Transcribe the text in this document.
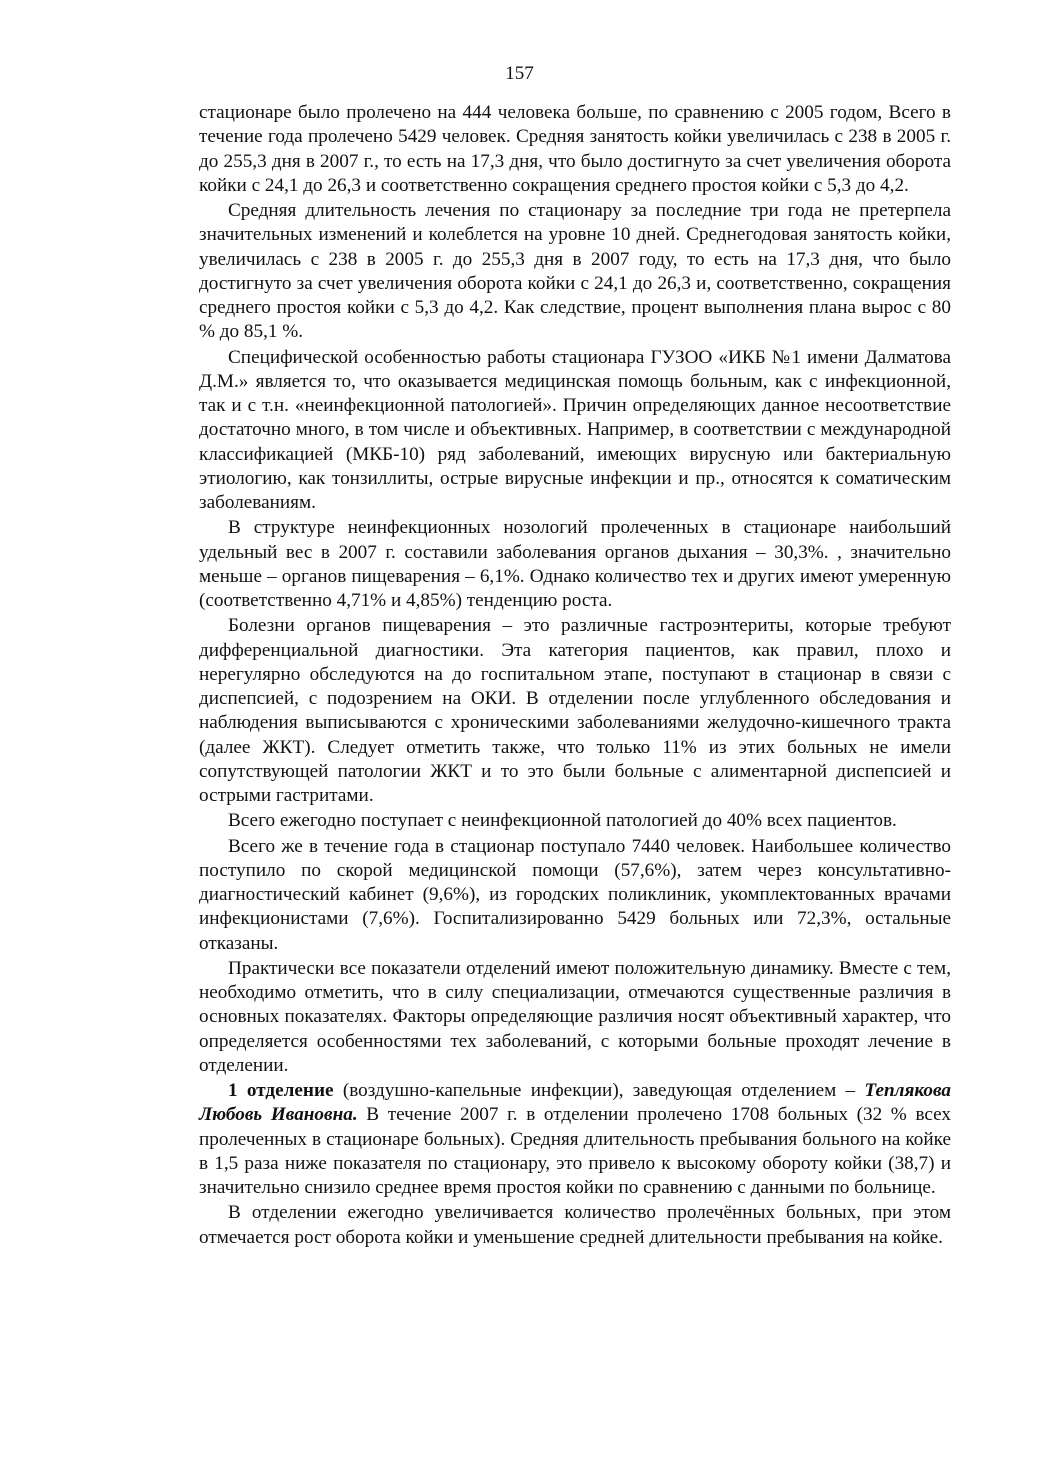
157

стационаре было пролечено на 444 человека больше, по сравнению с 2005 годом, Всего в течение года пролечено 5429 человек. Средняя занятость койки увеличилась с 238 в 2005 г. до 255,3 дня в 2007 г., то есть на 17,3 дня, что было достигнуто за счет увеличения оборота койки с 24,1 до 26,3 и соответственно сокращения среднего простоя койки с 5,3 до 4,2.

Средняя длительность лечения по стационару за последние три года не претерпела значительных изменений и колеблется на уровне 10 дней. Среднегодовая занятость койки, увеличилась с 238 в 2005 г. до 255,3 дня в 2007 году, то есть на 17,3 дня, что было достигнуто за счет увеличения оборота койки с 24,1 до 26,3 и, соответственно, сокращения среднего простоя койки с 5,3 до 4,2. Как следствие, процент выполнения плана вырос с 80 % до 85,1 %.

Специфической особенностью работы стационара ГУЗОО «ИКБ №1 имени Далматова Д.М.» является то, что оказывается медицинская помощь больным, как с инфекционной, так и с т.н. «неинфекционной патологией». Причин определяющих данное несоответствие достаточно много, в том числе и объективных. Например, в соответствии с международной классификацией (МКБ-10) ряд заболеваний, имеющих вирусную или бактериальную этиологию, как тонзиллиты, острые вирусные инфекции и пр., относятся к соматическим заболеваниям.

В структуре неинфекционных нозологий пролеченных в стационаре наибольший удельный вес в 2007 г. составили заболевания органов дыхания – 30,3%. , значительно меньше – органов пищеварения – 6,1%. Однако количество тех и других имеют умеренную (соответственно 4,71% и 4,85%) тенденцию роста.

Болезни органов пищеварения – это различные гастроэнтериты, которые требуют дифференциальной диагностики. Эта категория пациентов, как правил, плохо и нерегулярно обследуются на до госпитальном этапе, поступают в стационар в связи с диспепсией, с подозрением на ОКИ. В отделении после углубленного обследования и наблюдения выписываются с хроническими заболеваниями желудочно-кишечного тракта (далее ЖКТ). Следует отметить также, что только 11% из этих больных не имели сопутствующей патологии ЖКТ и то это были больные с алиментарной диспепсией и острыми гастритами.

Всего ежегодно поступает с неинфекционной патологией до 40% всех пациентов.

Всего же в течение года в стационар поступало 7440 человек. Наибольшее количество поступило по скорой медицинской помощи (57,6%), затем через консультативно-диагностический кабинет (9,6%), из городских поликлиник, укомплектованных врачами инфекционистами (7,6%). Госпитализированно 5429 больных или 72,3%, остальные отказаны.

Практически все показатели отделений имеют положительную динамику. Вместе с тем, необходимо отметить, что в силу специализации, отмечаются существенные различия в основных показателях. Факторы определяющие различия носят объективный характер, что определяется особенностями тех заболеваний, с которыми больные проходят лечение в отделении.

1 отделение (воздушно-капельные инфекции), заведующая отделением – Теплякова Любовь Ивановна. В течение 2007 г. в отделении пролечено 1708 больных (32 % всех пролеченных в стационаре больных). Средняя длительность пребывания больного на койке в 1,5 раза ниже показателя по стационару, это привело к высокому обороту койки (38,7) и значительно снизило среднее время простоя койки по сравнению с данными по больнице.

В отделении ежегодно увеличивается количество пролечённых больных, при этом отмечается рост оборота койки и уменьшение средней длительности пребывания на койке.
